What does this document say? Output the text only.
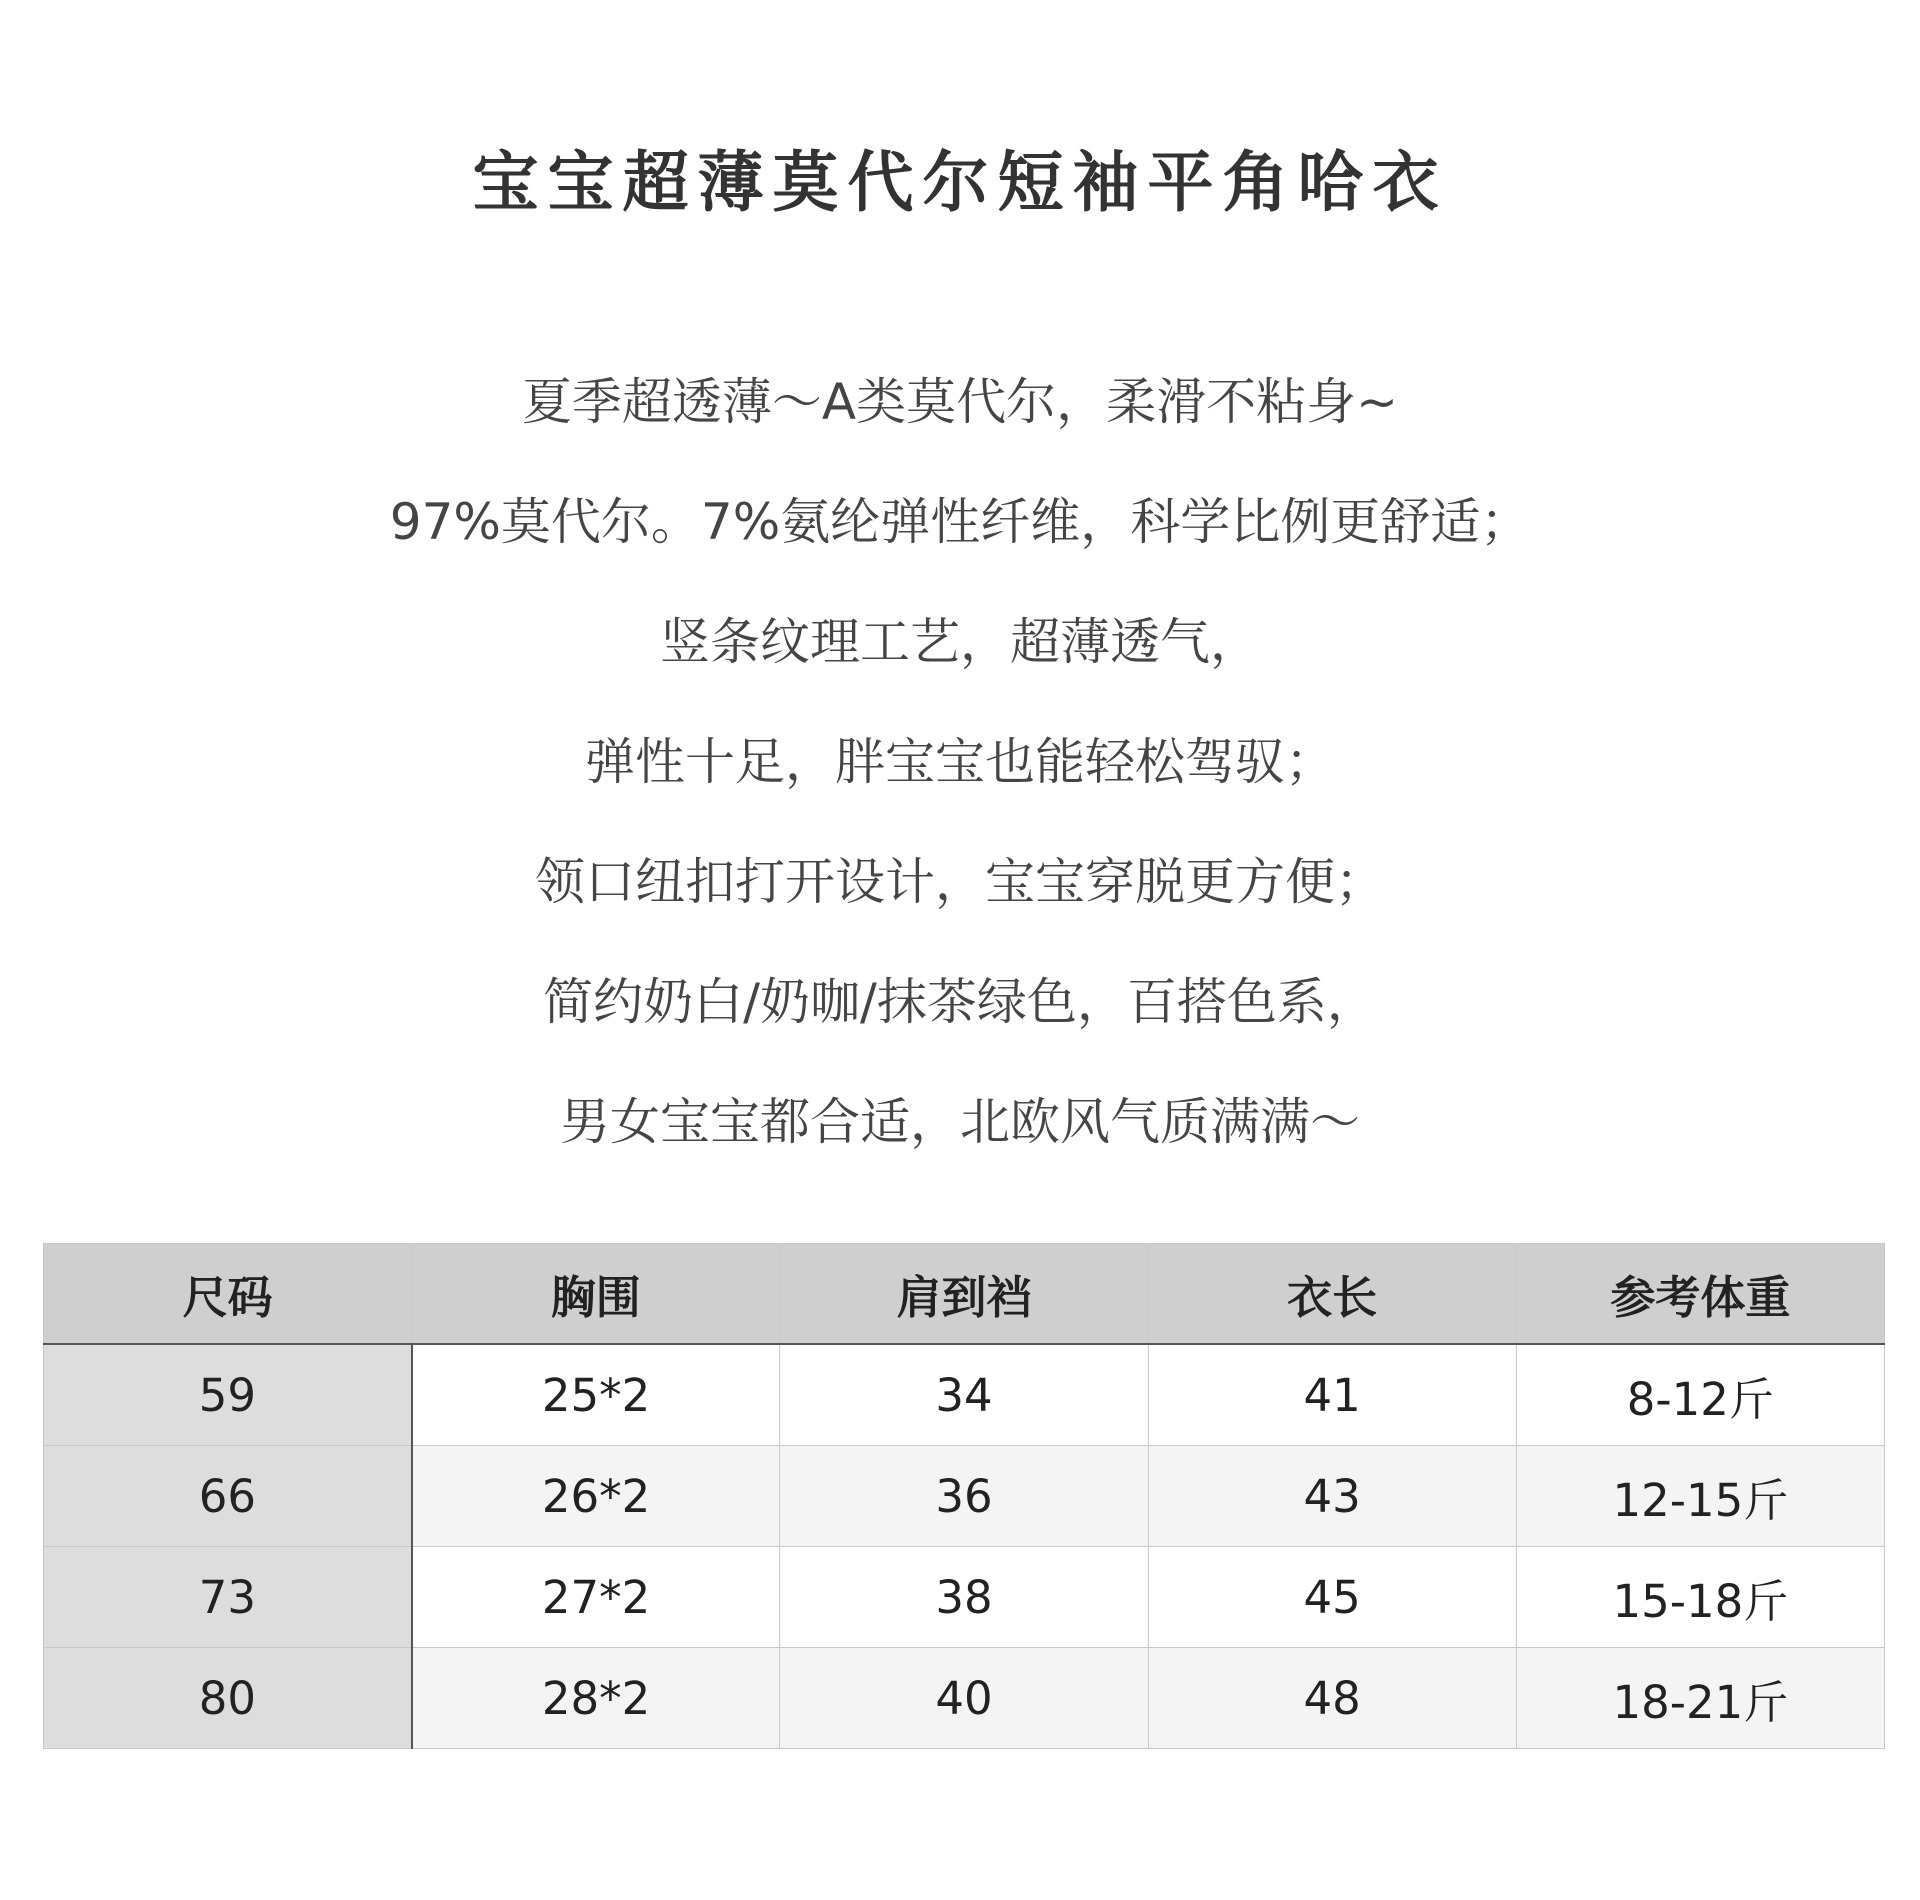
宝宝超薄莫代尔短袖平角哈衣
夏季超透薄～A类莫代尔，柔滑不粘身~
97%莫代尔。7%氨纶弹性纤维，科学比例更舒适；
竖条纹理工艺，超薄透气，
弹性十足，胖宝宝也能轻松驾驭；
领口纽扣打开设计，宝宝穿脱更方便；
简约奶白/奶咖/抹茶绿色，百搭色系，
男女宝宝都合适，北欧风气质满满～
尺码	胸围	肩到裆	衣长	参考体重
59	25*2	34	41	8-12斤
66	26*2	36	43	12-15斤
73	27*2	38	45	15-18斤
80	28*2	40	48	18-21斤
